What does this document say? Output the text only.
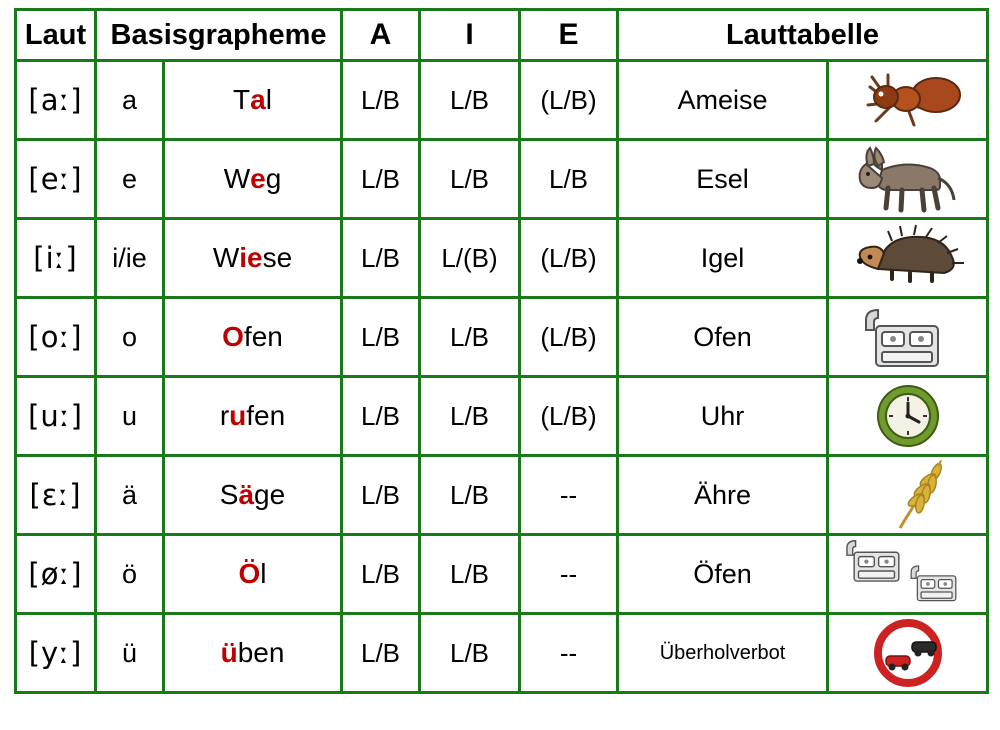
Laut	Basisgrapheme		A	I	E	Lauttabelle	
[aː]	a	Tal	L/B	L/B	(L/B)	Ameise	

[eː]	e	Weg	L/B	L/B	L/B	Esel	

[iː]	i/ie	Wiese	L/B	L/(B)	(L/B)	Igel	

[oː]	o	Ofen	L/B	L/B	(L/B)	Ofen	

[uː]	u	rufen	L/B	L/B	(L/B)	Uhr	

[ɛː]	ä	Säge	L/B	L/B	--	Ähre	

[øː]	ö	Öl	L/B	L/B	--	Öfen	

[yː]	ü	üben	L/B	L/B	--	Überholverbot	
